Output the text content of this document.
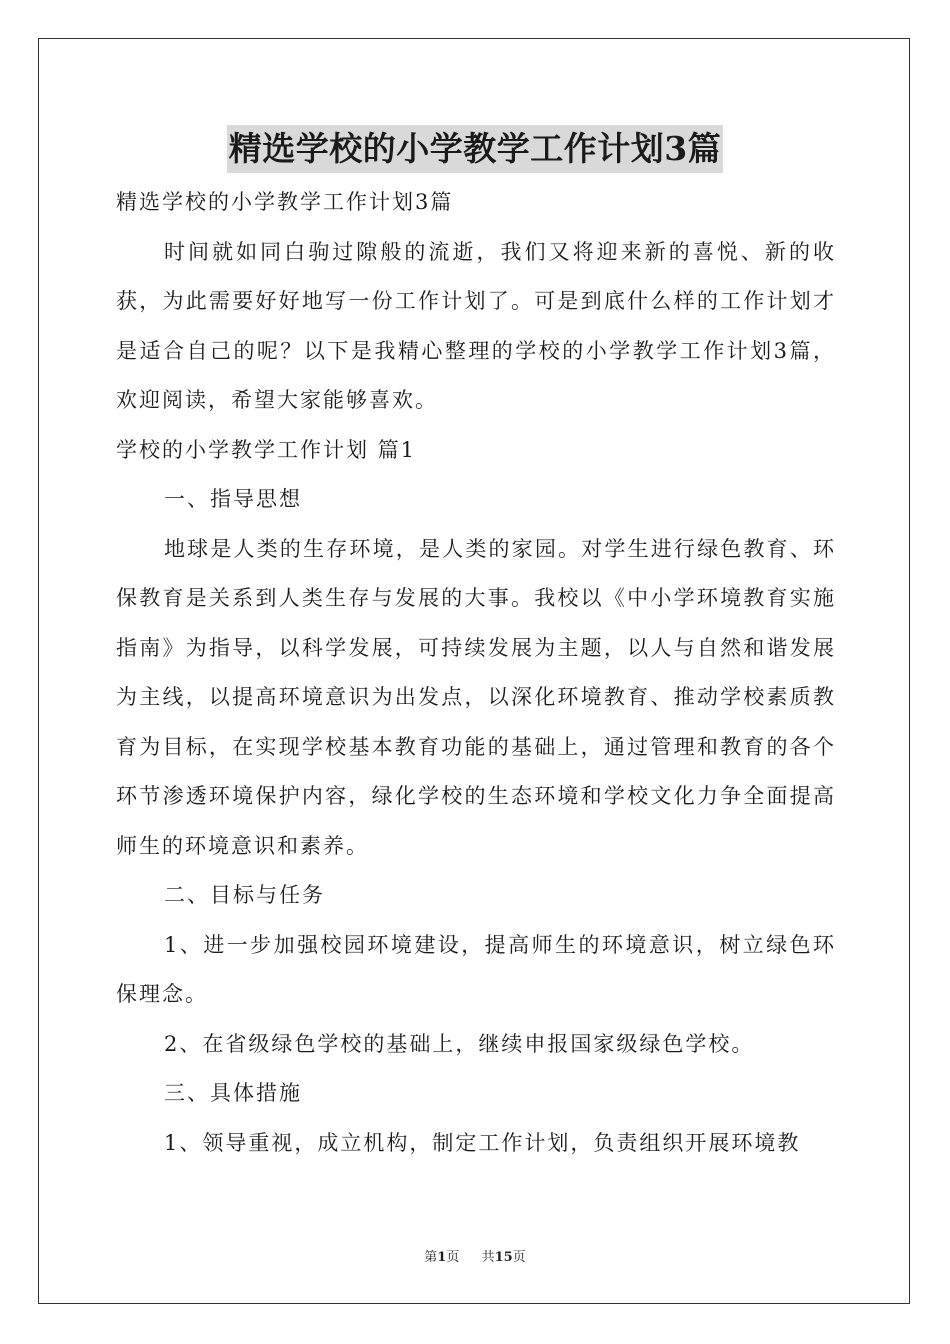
精选学校的小学教学工作计划3篇

精选学校的小学教学工作计划3篇

时间就如同白驹过隙般的流逝，我们又将迎来新的喜悦、新的收获，为此需要好好地写一份工作计划了。可是到底什么样的工作计划才是适合自己的呢？以下是我精心整理的学校的小学教学工作计划3篇，欢迎阅读，希望大家能够喜欢。

学校的小学教学工作计划 篇1

一、指导思想

地球是人类的生存环境，是人类的家园。对学生进行绿色教育、环保教育是关系到人类生存与发展的大事。我校以《中小学环境教育实施指南》为指导，以科学发展，可持续发展为主题，以人与自然和谐发展为主线，以提高环境意识为出发点，以深化环境教育、推动学校素质教育为目标，在实现学校基本教育功能的基础上，通过管理和教育的各个环节渗透环境保护内容，绿化学校的生态环境和学校文化力争全面提高师生的环境意识和素养。

二、目标与任务

1、进一步加强校园环境建设，提高师生的环境意识，树立绿色环保理念。

2、在省级绿色学校的基础上，继续申报国家级绿色学校。

三、具体措施

1、领导重视，成立机构，制定工作计划，负责组织开展环境教

第1页 共15页
